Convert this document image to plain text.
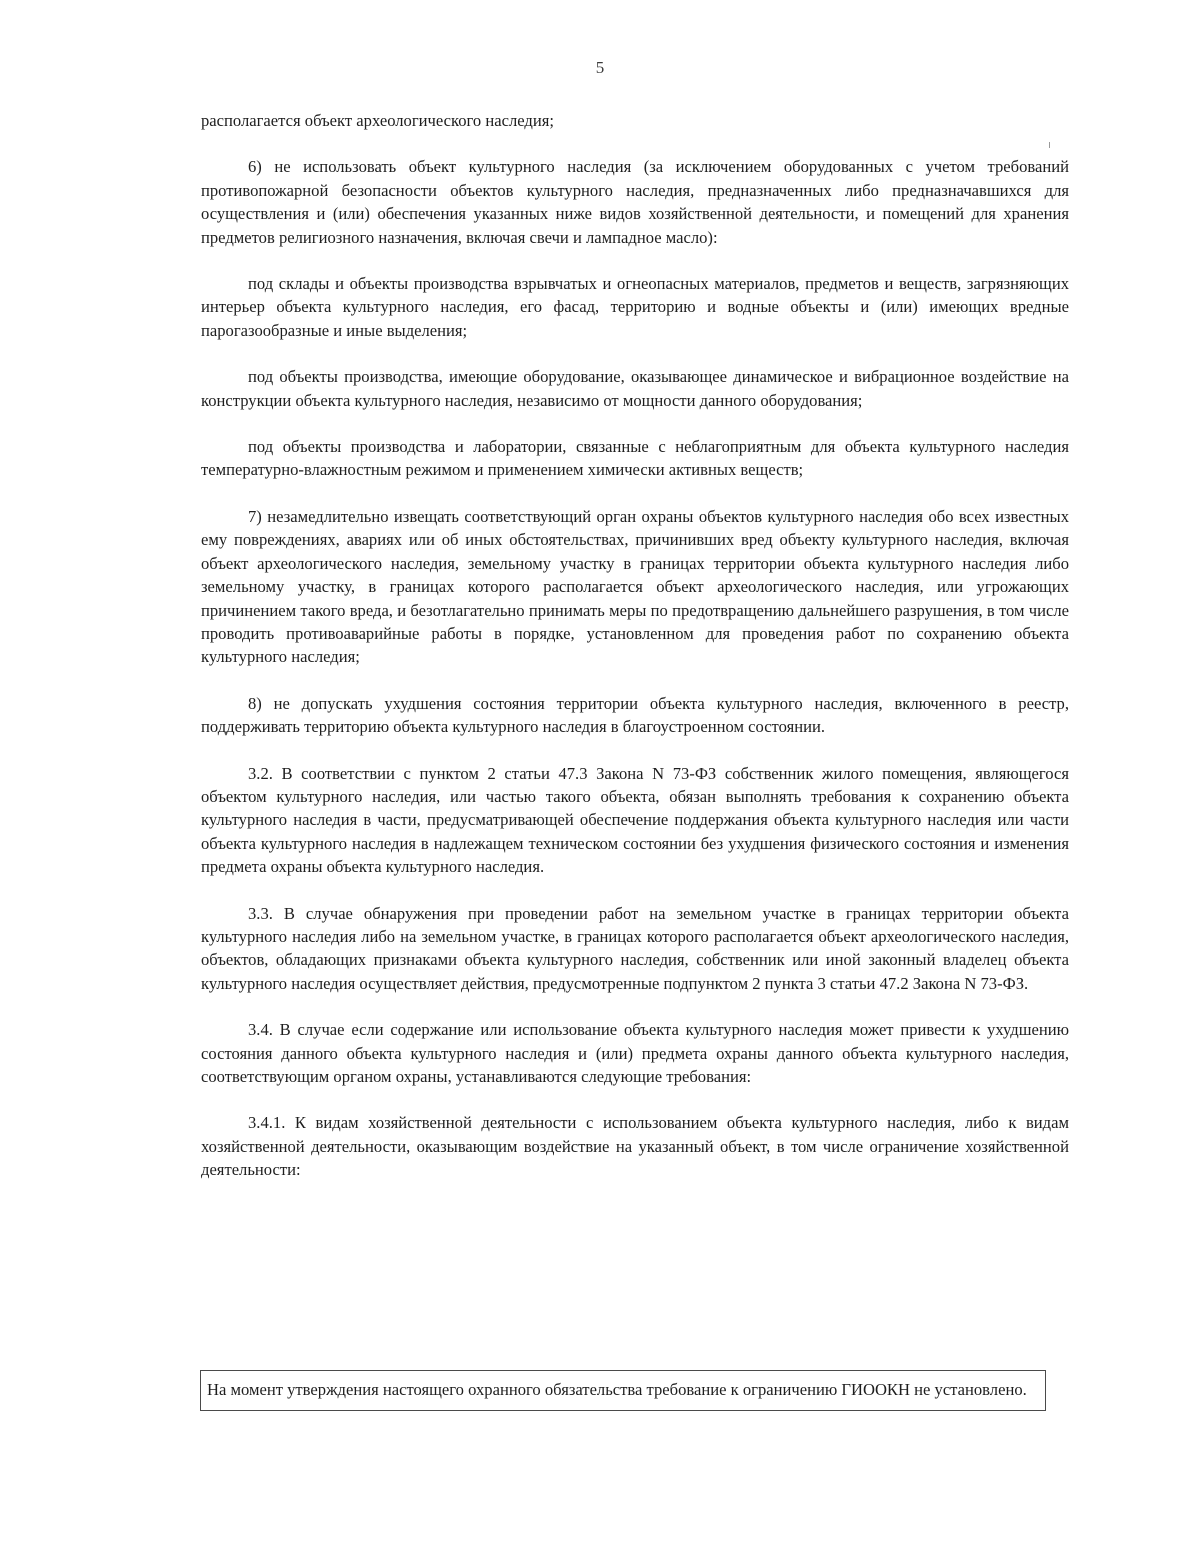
5

располагается объект археологического наследия;

6) не использовать объект культурного наследия (за исключением оборудованных с учетом требований противопожарной безопасности объектов культурного наследия, предназначенных либо предназначавшихся для осуществления и (или) обеспечения указанных ниже видов хозяйственной деятельности, и помещений для хранения предметов религиозного назначения, включая свечи и лампадное масло):

под склады и объекты производства взрывчатых и огнеопасных материалов, предметов и веществ, загрязняющих интерьер объекта культурного наследия, его фасад, территорию и водные объекты и (или) имеющих вредные парогазообразные и иные выделения;

под объекты производства, имеющие оборудование, оказывающее динамическое и вибрационное воздействие на конструкции объекта культурного наследия, независимо от мощности данного оборудования;

под объекты производства и лаборатории, связанные с неблагоприятным для объекта культурного наследия температурно-влажностным режимом и применением химически активных веществ;

7) незамедлительно извещать соответствующий орган охраны объектов культурного наследия обо всех известных ему повреждениях, авариях или об иных обстоятельствах, причинивших вред объекту культурного наследия, включая объект археологического наследия, земельному участку в границах территории объекта культурного наследия либо земельному участку, в границах которого располагается объект археологического наследия, или угрожающих причинением такого вреда, и безотлагательно принимать меры по предотвращению дальнейшего разрушения, в том числе проводить противоаварийные работы в порядке, установленном для проведения работ по сохранению объекта культурного наследия;

8) не допускать ухудшения состояния территории объекта культурного наследия, включенного в реестр, поддерживать территорию объекта культурного наследия в благоустроенном состоянии.

3.2. В соответствии с пунктом 2 статьи 47.3 Закона N 73-ФЗ собственник жилого помещения, являющегося объектом культурного наследия, или частью такого объекта, обязан выполнять требования к сохранению объекта культурного наследия в части, предусматривающей обеспечение поддержания объекта культурного наследия или части объекта культурного наследия в надлежащем техническом состоянии без ухудшения физического состояния и изменения предмета охраны объекта культурного наследия.

3.3. В случае обнаружения при проведении работ на земельном участке в границах территории объекта культурного наследия либо на земельном участке, в границах которого располагается объект археологического наследия, объектов, обладающих признаками объекта культурного наследия, собственник или иной законный владелец объекта культурного наследия осуществляет действия, предусмотренные подпунктом 2 пункта 3 статьи 47.2 Закона N 73-ФЗ.

3.4. В случае если содержание или использование объекта культурного наследия может привести к ухудшению состояния данного объекта культурного наследия и (или) предмета охраны данного объекта культурного наследия, соответствующим органом охраны, устанавливаются следующие требования:

3.4.1. К видам хозяйственной деятельности с использованием объекта культурного наследия, либо к видам хозяйственной деятельности, оказывающим воздействие на указанный объект, в том числе ограничение хозяйственной деятельности:

На момент утверждения настоящего охранного обязательства требование к ограничению ГИООКН не установлено.
